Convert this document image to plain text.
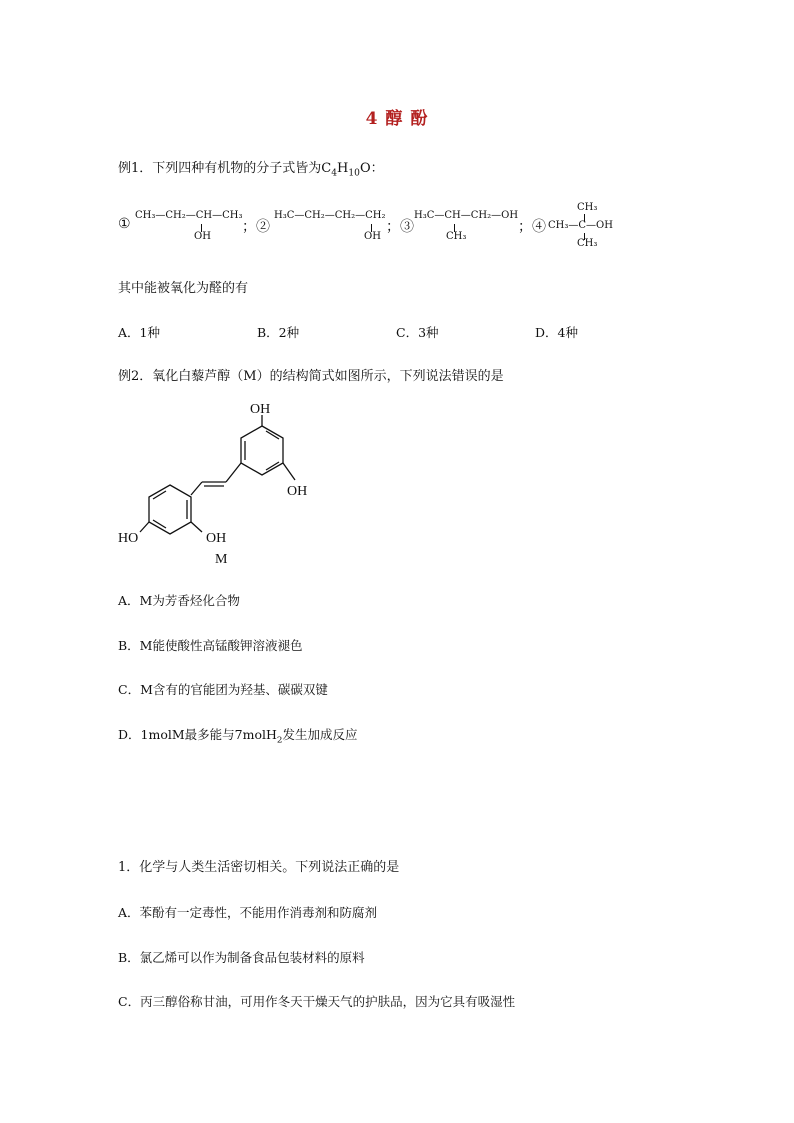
4 醇 酚
例1．下列四种有机物的分子式皆为$C_4H_{10}O$：
①
CH₃—CH₂—CH—CH₃
OH
；②
H₃C—CH₂—CH₂—CH₂
OH
；③
H₃C—CH—CH₂—OH
CH₃
；④
CH₃
CH₃—C—OH
CH₃
其中能被氧化为醛的有
A．1种	B．2种	C．3种	D．4种
例2．氧化白藜芦醇（M）的结构简式如图所示，下列说法错误的是
OH
OH
HO	OH
M
A．M为芳香烃化合物
B．M能使酸性高锰酸钾溶液褪色
C．M含有的官能团为羟基、碳碳双键
D．1molM最多能与7molH$_2$发生加成反应
1．化学与人类生活密切相关。下列说法正确的是
A．苯酚有一定毒性，不能用作消毒剂和防腐剂
B．氯乙烯可以作为制备食品包装材料的原料
C．丙三醇俗称甘油，可用作冬天干燥天气的护肤品，因为它具有吸湿性
